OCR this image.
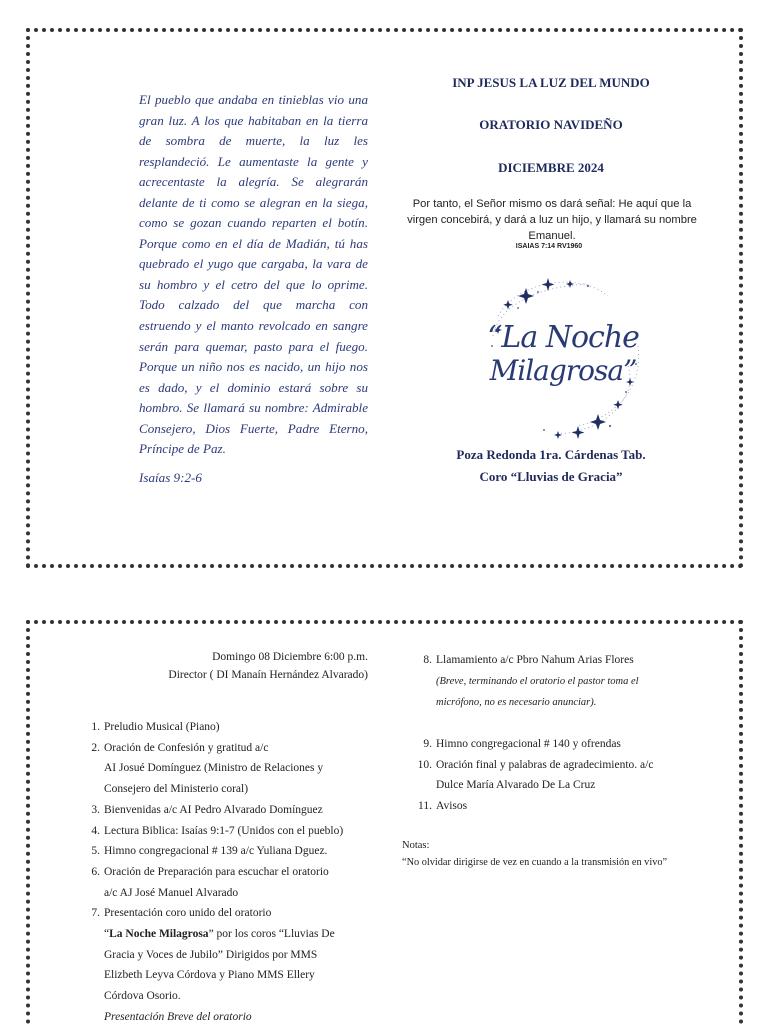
El pueblo que andaba en tinieblas vio una gran luz. A los que habitaban en la tierra de sombra de muerte, la luz les resplandeció. Le aumentaste la gente y acrecentaste la alegría. Se alegrarán delante de ti como se alegran en la siega, como se gozan cuando reparten el botín. Porque como en el día de Madián, tú has quebrado el yugo que cargaba, la vara de su hombro y el cetro del que lo oprime. Todo calzado del que marcha con estruendo y el manto revolcado en sangre serán para quemar, pasto para el fuego. Porque un niño nos es nacido, un hijo nos es dado, y el dominio estará sobre su hombro. Se llamará su nombre: Admirable Consejero, Dios Fuerte, Padre Eterno, Príncipe de Paz.

Isaías 9:2-6

INP JESUS LA LUZ DEL MUNDO
ORATORIO NAVIDEÑO
DICIEMBRE 2024

Por tanto, el Señor mismo os dará señal: He aquí que la virgen concebirá, y dará a luz un hijo, y llamará su nombre Emanuel.

ISAIAS 7:14 RV1960

“La Noche
Milagrosa”
Poza Redonda 1ra. Cárdenas Tab.
Coro “Lluvias de Gracia”
Domingo 08 Diciembre 6:00 p.m.
Director ( DI Manaín Hernández Alvarado)
1. Preludio Musical (Piano)
2. Oración de Confesión y gratitud a/c
AI Josué Domínguez (Ministro de Relaciones y
Consejero del Ministerio coral)
3. Bienvenidas a/c AI Pedro Alvarado Domínguez
4. Lectura Biblica: Isaías 9:1-7 (Unidos con el pueblo)
5. Himno congregacional # 139 a/c Yuliana Dguez.
6. Oración de Preparación para escuchar el oratorio
a/c AJ José Manuel Alvarado
7. Presentación coro unido del oratorio
“La Noche Milagrosa” por los coros “Lluvias De
Gracia y Voces de Jubilo” Dirigidos por MMS
Elizbeth Leyva Córdova y Piano MMS Ellery
Córdova Osorio.
Presentación Breve del oratorio
8. Llamamiento a/c Pbro Nahum Arias Flores
(Breve, terminando el oratorio el pastor toma el
micrófono, no es necesario anunciar).
9. Himno congregacional # 140 y ofrendas
10. Oración final y palabras de agradecimiento. a/c
Dulce María Alvarado De La Cruz
11. Avisos
Notas:
“No olvidar dirigirse de vez en cuando a la transmisión en vivo”
